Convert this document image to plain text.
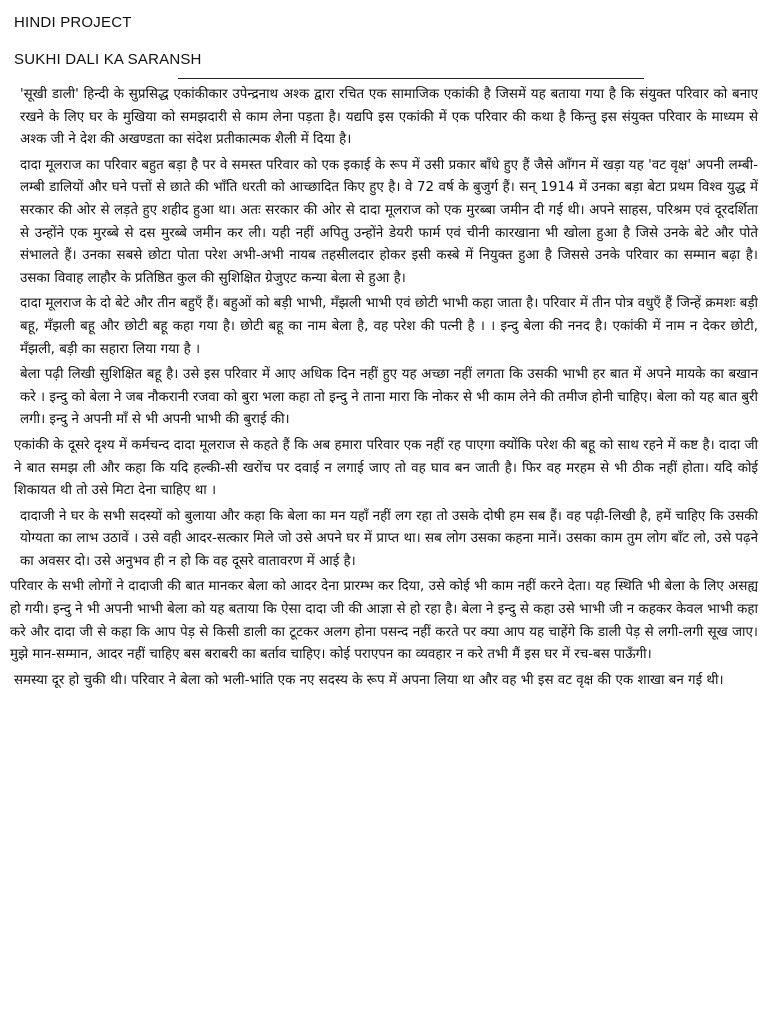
HINDI PROJECT
SUKHI DALI KA SARANSH

'सूखी डाली' हिन्दी के सुप्रसिद्ध एकांकीकार उपेन्द्रनाथ अश्क द्वारा रचित एक सामाजिक एकांकी है जिसमें यह बताया गया है कि संयुक्त परिवार को बनाए रखने के लिए घर के मुखिया को समझदारी से काम लेना पड़ता है। यद्यपि इस एकांकी में एक परिवार की कथा है किन्तु इस संयुक्त परिवार के माध्यम से अश्क जी ने देश की अखण्डता का संदेश प्रतीकात्मक शैली में दिया है।

दादा मूलराज का परिवार बहुत बड़ा है पर वे समस्त परिवार को एक इकाई के रूप में उसी प्रकार बाँधे हुए हैं जैसे आँगन में खड़ा यह 'वट वृक्ष' अपनी लम्बी-लम्बी डालियों और घने पत्तों से छाते की भाँति धरती को आच्छादित किए हुए है। वे 72 वर्ष के बुजुर्ग हैं। सन् 1914 में उनका बड़ा बेटा प्रथम विश्व युद्ध में सरकार की ओर से लड़ते हुए शहीद हुआ था। अतः सरकार की ओर से दादा मूलराज को एक मुरब्बा जमीन दी गई थी। अपने साहस, परिश्रम एवं दूरदर्शिता से उन्होंने एक मुरब्बे से दस मुरब्बे जमीन कर ली। यही नहीं अपितु उन्होंने डेयरी फार्म एवं चीनी कारखाना भी खोला हुआ है जिसे उनके बेटे और पोते संभालते हैं। उनका सबसे छोटा पोता परेश अभी-अभी नायब तहसीलदार होकर इसी कस्बे में नियुक्त हुआ है जिससे उनके परिवार का सम्मान बढ़ा है। उसका विवाह लाहौर के प्रतिष्ठित कुल की सुशिक्षित ग्रेजुएट कन्या बेला से हुआ है।

दादा मूलराज के दो बेटे और तीन बहुएँ हैं। बहुओं को बड़ी भाभी, मँझली भाभी एवं छोटी भाभी कहा जाता है। परिवार में तीन पोत्र वधुएँ हैं जिन्हें क्रमशः बड़ी बहू, मँझली बहू और छोटी बहू कहा गया है। छोटी बहू का नाम बेला है, वह परेश की पत्नी है । । इन्दु बेला की ननद है। एकांकी में नाम न देकर छोटी, मँझली, बड़ी का सहारा लिया गया है ।

बेला पढ़ी लिखी सुशिक्षित बहू है। उसे इस परिवार में आए अधिक दिन नहीं हुए यह अच्छा नहीं लगता कि उसकी भाभी हर बात में अपने मायके का बखान करे । इन्दु को बेला ने जब नौकरानी रजवा को बुरा भला कहा तो इन्दु ने ताना मारा कि नोकर से भी काम लेने की तमीज होनी चाहिए। बेला को यह बात बुरी लगी। इन्दु ने अपनी माँ से भी अपनी भाभी की बुराई की।

एकांकी के दूसरे दृश्य में कर्मचन्द दादा मूलराज से कहते हैं कि अब हमारा परिवार एक नहीं रह पाएगा क्योंकि परेश की बहू को साथ रहने में कष्ट है। दादा जी ने बात समझ ली और कहा कि यदि हल्की-सी खरोंच पर दवाई न लगाई जाए तो वह घाव बन जाती है। फिर वह मरहम से भी ठीक नहीं होता। यदि कोई शिकायत थी तो उसे मिटा देना चाहिए था ।

दादाजी ने घर के सभी सदस्यों को बुलाया और कहा कि बेला का मन यहाँ नहीं लग रहा तो उसके दोषी हम सब हैं। वह पढ़ी-लिखी है, हमें चाहिए कि उसकी योग्यता का लाभ उठावें । उसे वही आदर-सत्कार मिले जो उसे अपने घर में प्राप्त था। सब लोग उसका कहना मानें। उसका काम तुम लोग बाँट लो, उसे पढ़ने का अवसर दो। उसे अनुभव ही न हो कि वह दूसरे वातावरण में आई है।

परिवार के सभी लोगों ने दादाजी की बात मानकर बेला को आदर देना प्रारम्भ कर दिया, उसे कोई भी काम नहीं करने देता। यह स्थिति भी बेला के लिए असह्य हो गयी। इन्दु ने भी अपनी भाभी बेला को यह बताया कि ऐसा दादा जी की आज्ञा से हो रहा है। बेला ने इन्दु से कहा उसे भाभी जी न कहकर केवल भाभी कहा करे और दादा जी से कहा कि आप पेड़ से किसी डाली का टूटकर अलग होना पसन्द नहीं करते पर क्या आप यह चाहेंगे कि डाली पेड़ से लगी-लगी सूख जाए। मुझे मान-सम्मान, आदर नहीं चाहिए बस बराबरी का बर्ताव चाहिए। कोई पराएपन का व्यवहार न करे तभी मैं इस घर में रच-बस पाऊँगी।

समस्या दूर हो चुकी थी। परिवार ने बेला को भली-भांति एक नए सदस्य के रूप में अपना लिया था और वह भी इस वट वृक्ष की एक शाखा बन गई थी।
